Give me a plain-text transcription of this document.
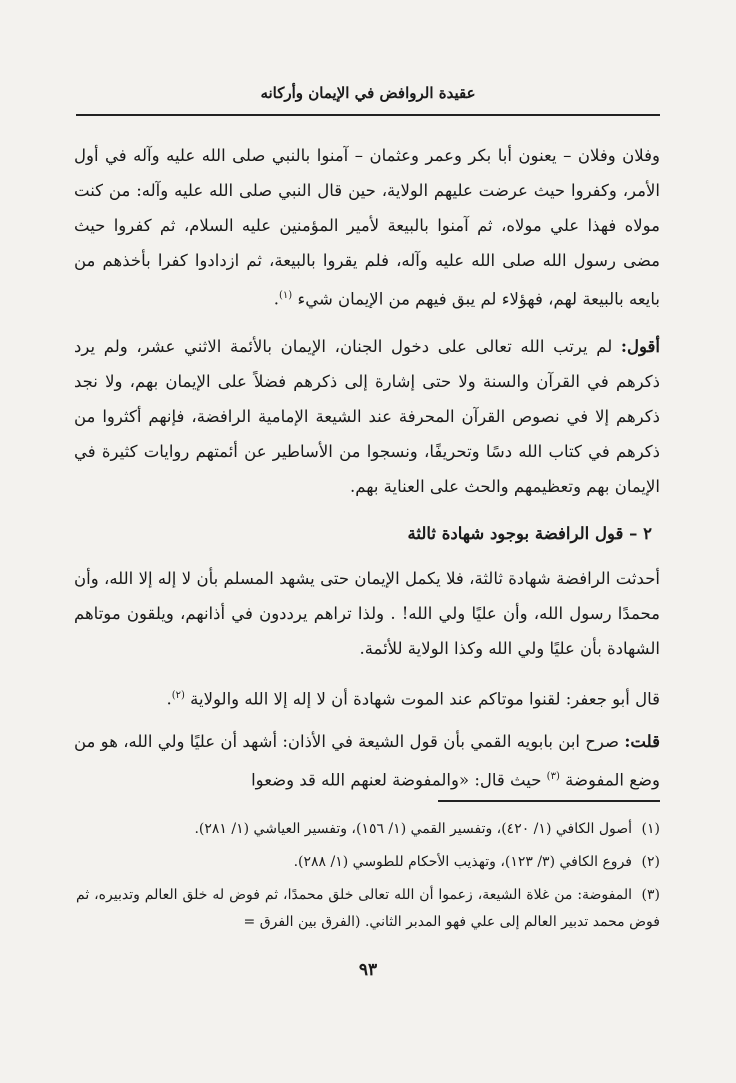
عقيدة الروافض في الإيمان وأركانه

وفلان وفلان – يعنون أبا بكر وعمر وعثمان – آمنوا بالنبي صلى الله عليه وآله في أول الأمر، وكفروا حيث عرضت عليهم الولاية، حين قال النبي صلى الله عليه وآله: من كنت مولاه فهذا علي مولاه، ثم آمنوا بالبيعة لأمير المؤمنين عليه السلام، ثم كفروا حيث مضى رسول الله صلى الله عليه وآله، فلم يقروا بالبيعة، ثم ازدادوا كفرا بأخذهم من بايعه بالبيعة لهم، فهؤلاء لم يبق فيهم من الإيمان شيء $^{(١)}$.

أقول: لم يرتب الله تعالى على دخول الجنان، الإيمان بالأئمة الاثني عشر، ولم يرد ذكرهم في القرآن والسنة ولا حتى إشارة إلى ذكرهم فضلاً على الإيمان بهم، ولا نجد ذكرهم إلا في نصوص القرآن المحرفة عند الشيعة الإمامية الرافضة، فإنهم أكثروا من ذكرهم في كتاب الله دسًا وتحريفًا، ونسجوا من الأساطير عن أئمتهم روايات كثيرة في الإيمان بهم وتعظيمهم والحث على العناية بهم.

٢ – قول الرافضة بوجود شهادة ثالثة

أحدثت الرافضة شهادة ثالثة، فلا يكمل الإيمان حتى يشهد المسلم بأن لا إله إلا الله، وأن محمدًا رسول الله، وأن عليًا ولي الله! . ولذا تراهم يرددون في أذانهم، ويلقون موتاهم الشهادة بأن عليًا ولي الله وكذا الولاية للأئمة.

قال أبو جعفر: لقنوا موتاكم عند الموت شهادة أن لا إله إلا الله والولاية $^{(٢)}$.

قلت: صرح ابن بابويه القمي بأن قول الشيعة في الأذان: أشهد أن عليًا ولي الله، هو من وضع المفوضة $^{(٣)}$ حيث قال: «والمفوضة لعنهم الله قد وضعوا

(١)أصول الكافي (١/ ٤٢٠)، وتفسير القمي (١/ ١٥٦)، وتفسير العياشي (١/ ٢٨١).

(٢)فروع الكافي (٣/ ١٢٣)، وتهذيب الأحكام للطوسي (١/ ٢٨٨).

(٣)المفوضة: من غلاة الشيعة، زعموا أن الله تعالى خلق محمدًا، ثم فوض له خلق العالم وتدبيره، ثم فوض محمد تدبير العالم إلى علي فهو المدبر الثاني. (الفرق بين الفرق =

٩٣
